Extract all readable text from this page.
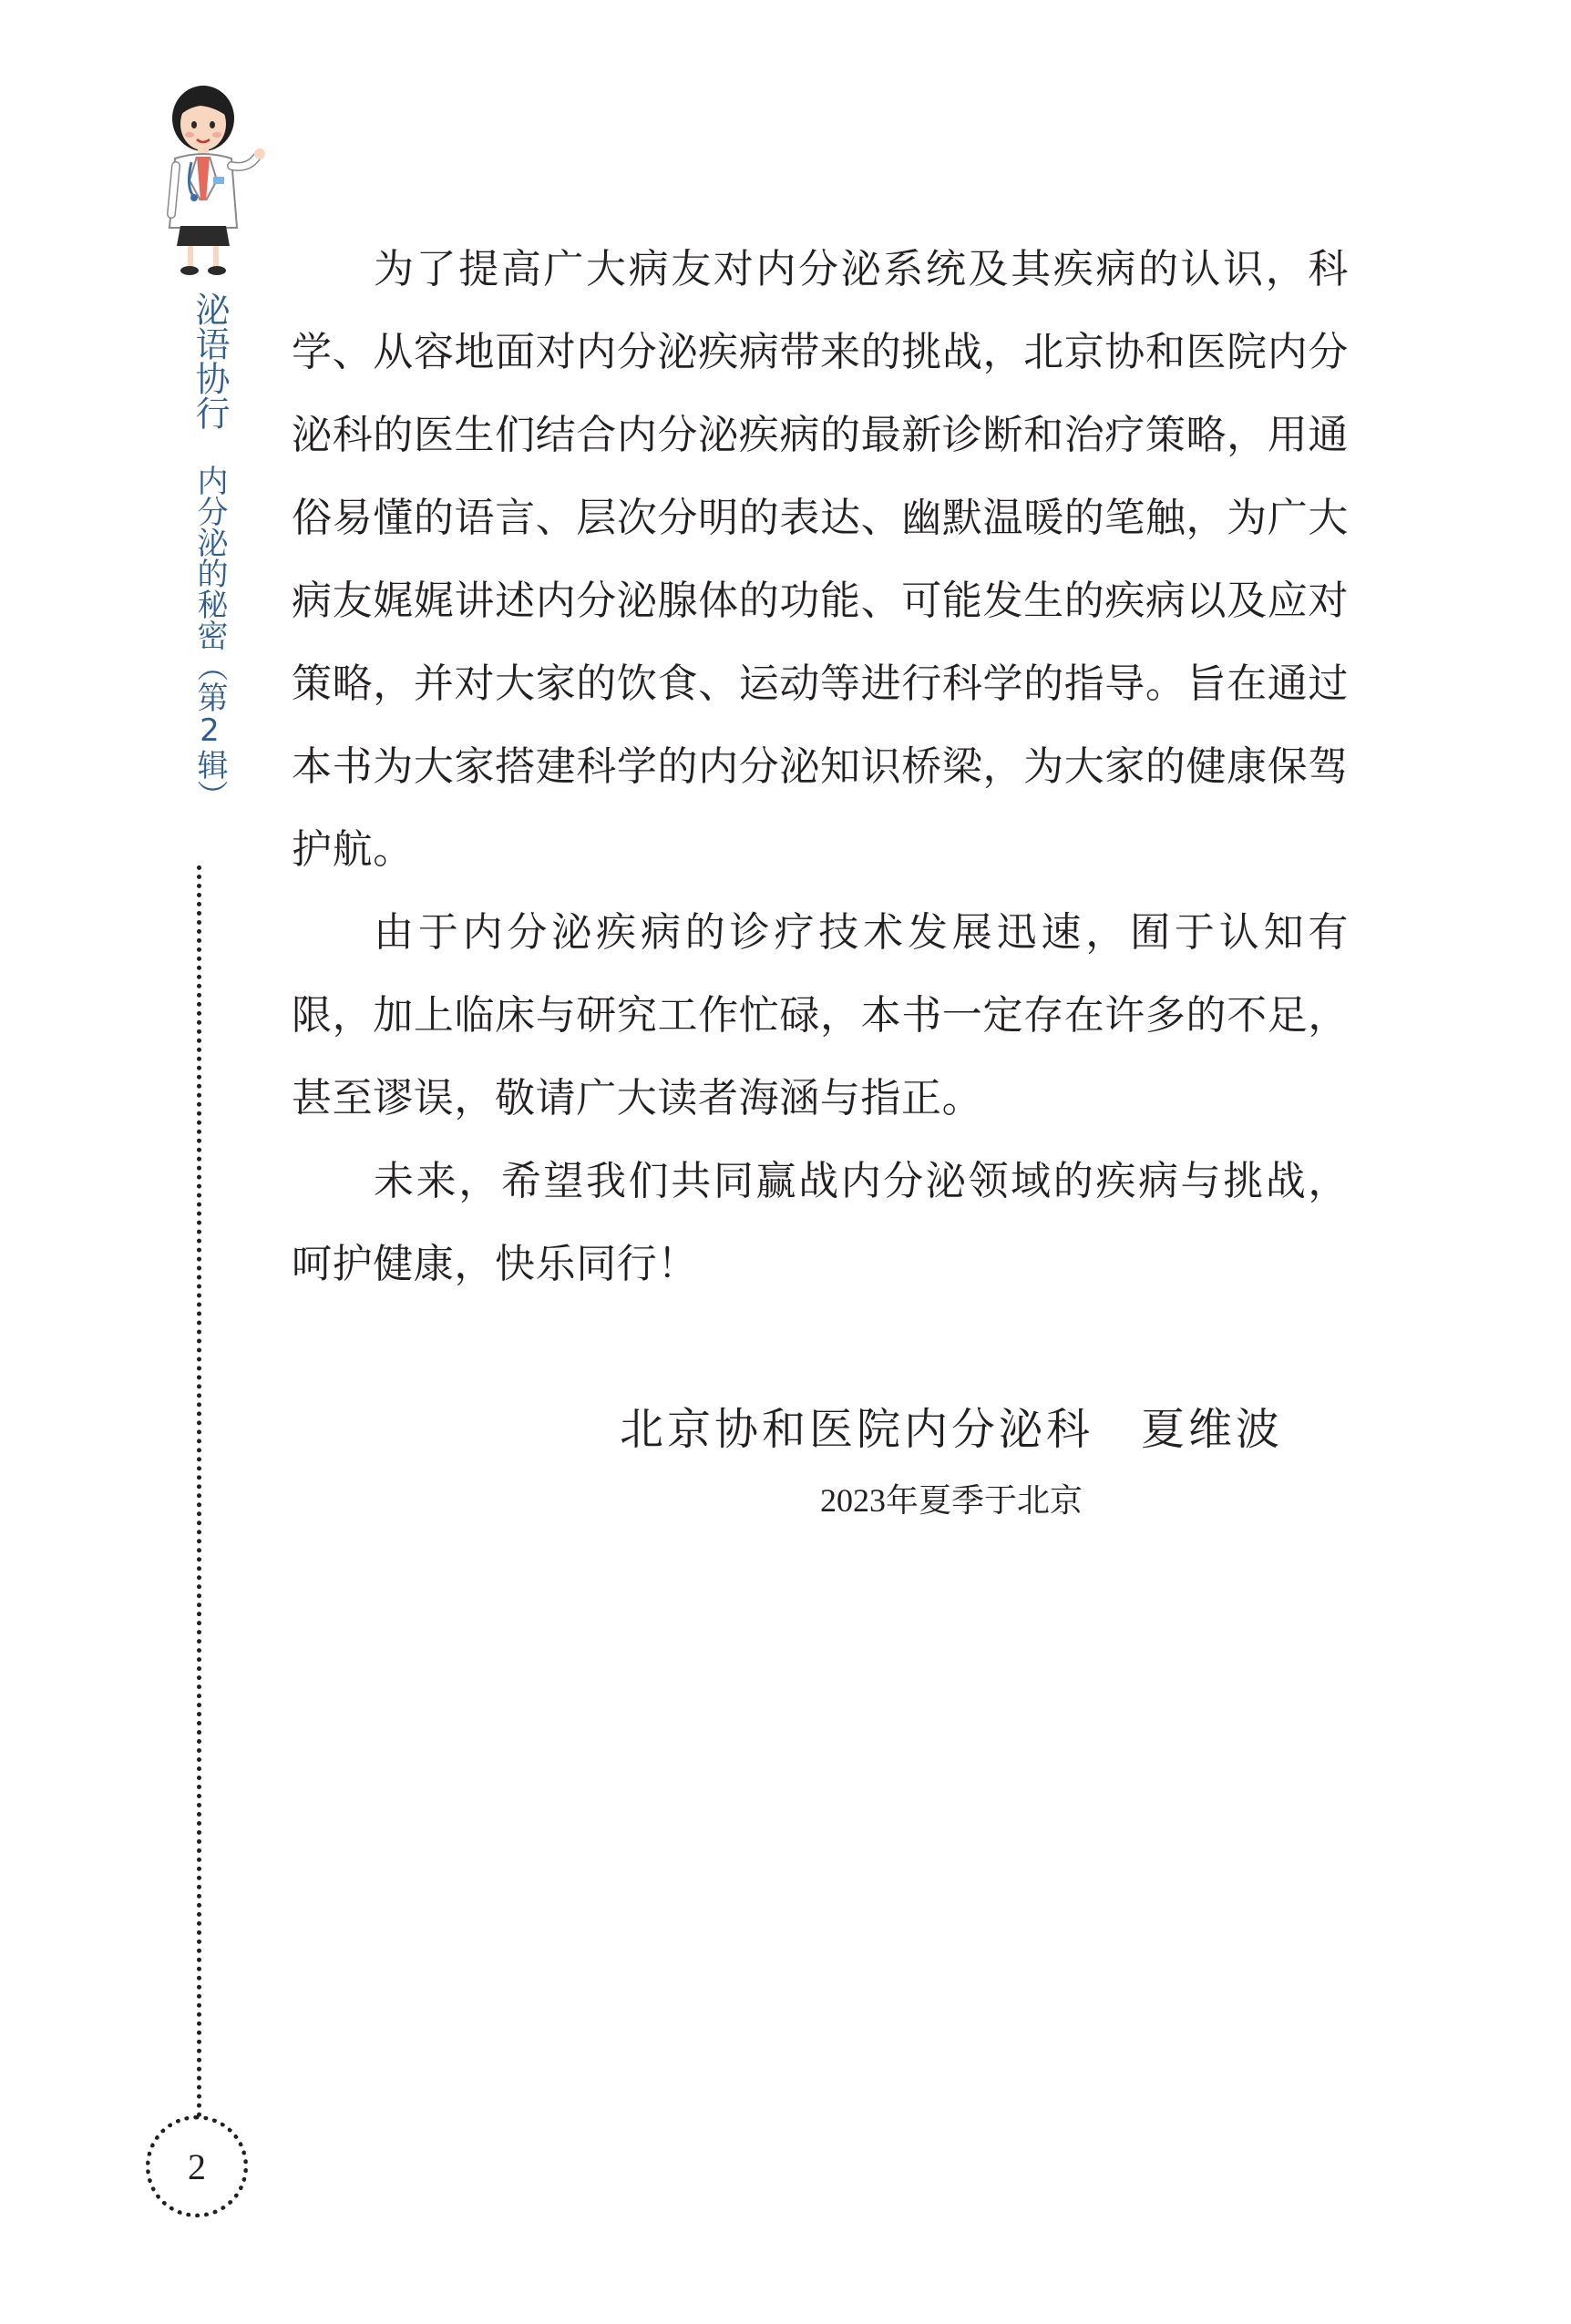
泌语协行内分泌的秘密（第2辑）
2

为了提高广大病友对内分泌系统及其疾病的认识，科学、从容地面对内分泌疾病带来的挑战，北京协和医院内分泌科的医生们结合内分泌疾病的最新诊断和治疗策略，用通俗易懂的语言、层次分明的表达、幽默温暖的笔触，为广大病友娓娓讲述内分泌腺体的功能、可能发生的疾病以及应对策略，并对大家的饮食、运动等进行科学的指导。旨在通过本书为大家搭建科学的内分泌知识桥梁，为大家的健康保驾护航。

由于内分泌疾病的诊疗技术发展迅速，囿于认知有限，加上临床与研究工作忙碌，本书一定存在许多的不足，甚至谬误，敬请广大读者海涵与指正。

未来，希望我们共同赢战内分泌领域的疾病与挑战，呵护健康，快乐同行！

北京协和医院内分泌科　夏维波
2023年夏季于北京
